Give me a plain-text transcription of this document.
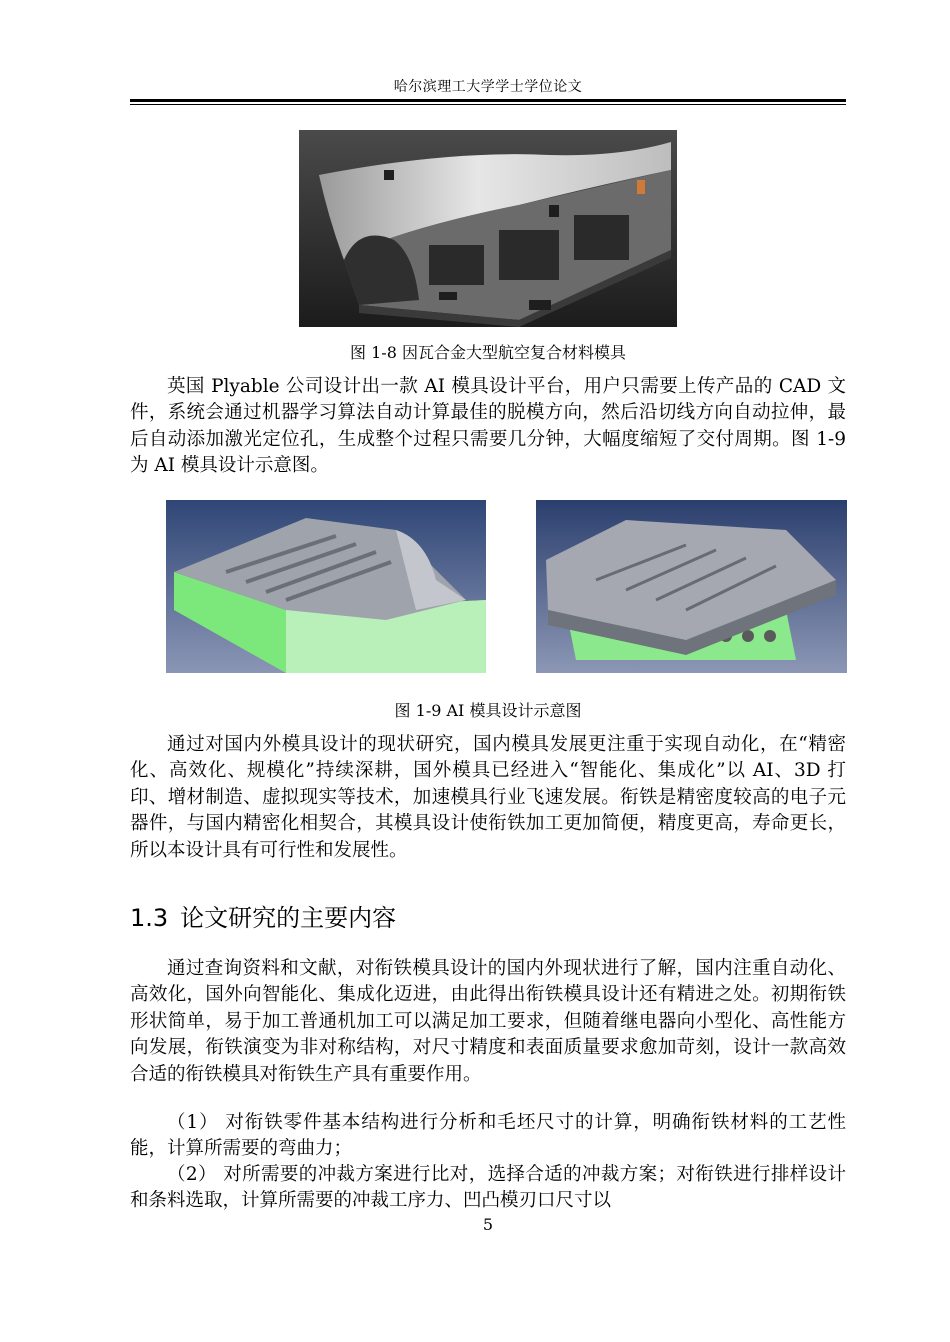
哈尔滨理工大学学士学位论文
图 1-8 因瓦合金大型航空复合材料模具

英国 Plyable 公司设计出一款 AI 模具设计平台，用户只需要上传产品的 CAD 文件，系统会通过机器学习算法自动计算最佳的脱模方向，然后沿切线方向自动拉伸，最后自动添加激光定位孔，生成整个过程只需要几分钟，大幅度缩短了交付周期。图 1-9 为 AI 模具设计示意图。

图 1-9 AI 模具设计示意图

通过对国内外模具设计的现状研究，国内模具发展更注重于实现自动化，在“精密化、高效化、规模化”持续深耕，国外模具已经进入“智能化、集成化”以 AI、3D 打印、增材制造、虚拟现实等技术，加速模具行业飞速发展。衔铁是精密度较高的电子元器件，与国内精密化相契合，其模具设计使衔铁加工更加简便，精度更高，寿命更长，所以本设计具有可行性和发展性。

1.3 论文研究的主要内容

通过查询资料和文献，对衔铁模具设计的国内外现状进行了解，国内注重自动化、高效化，国外向智能化、集成化迈进，由此得出衔铁模具设计还有精进之处。初期衔铁形状简单，易于加工普通机加工可以满足加工要求，但随着继电器向小型化、高性能方向发展，衔铁演变为非对称结构，对尺寸精度和表面质量要求愈加苛刻，设计一款高效合适的衔铁模具对衔铁生产具有重要作用。

（1） 对衔铁零件基本结构进行分析和毛坯尺寸的计算，明确衔铁材料的工艺性能，计算所需要的弯曲力；

（2） 对所需要的冲裁方案进行比对，选择合适的冲裁方案；对衔铁进行排样设计和条料选取，计算所需要的冲裁工序力、凹凸模刃口尺寸以

5
